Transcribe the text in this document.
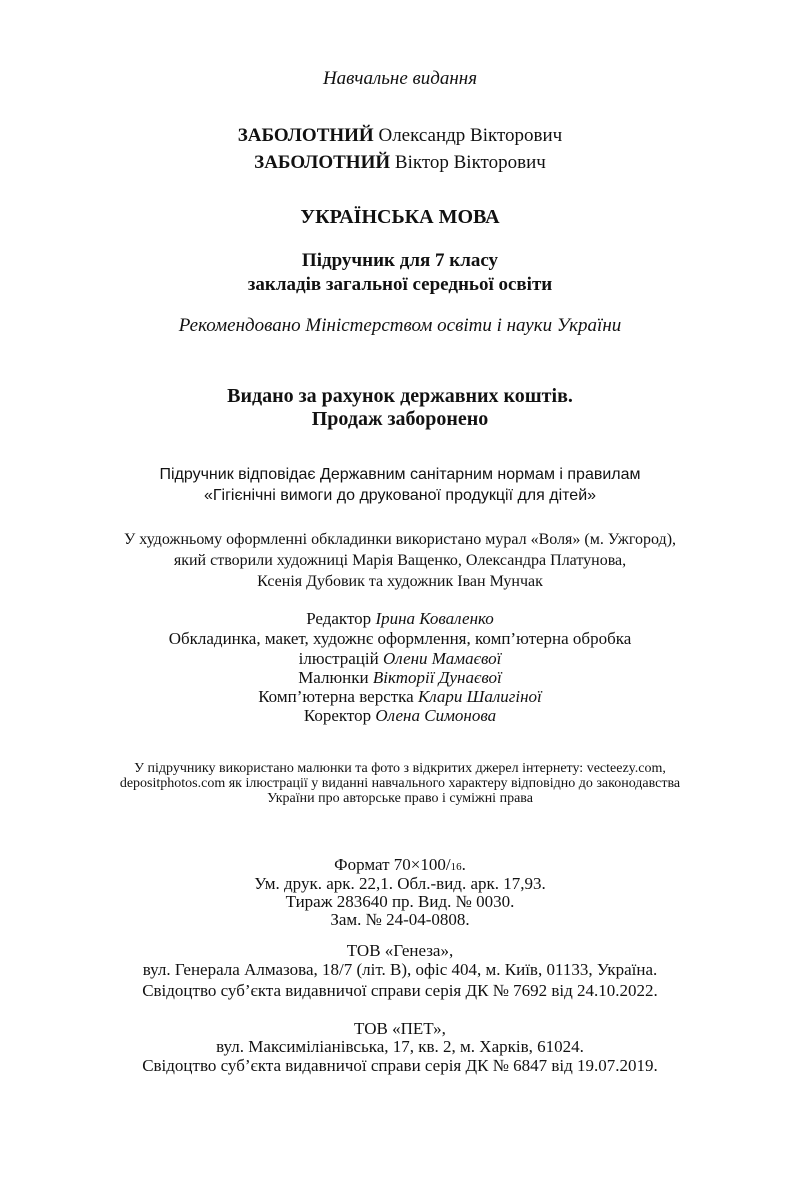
Навчальне видання
ЗАБОЛОТНИЙ Олександр Вікторович
ЗАБОЛОТНИЙ Віктор Вікторович
УКРАЇНСЬКА МОВА
Підручник для 7 класу
закладів загальної середньої освіти
Рекомендовано Міністерством освіти і науки України
Видано за рахунок державних коштів.
Продаж заборонено
Підручник відповідає Державним санітарним нормам і правилам
«Гігієнічні вимоги до друкованої продукції для дітей»
У художньому оформленні обкладинки використано мурал «Воля» (м. Ужгород),
який створили художниці Марія Ващенко, Олександра Платунова,
Ксенія Дубовик та художник Іван Мунчак
Редактор Ірина Коваленко
Обкладинка, макет, художнє оформлення, комп’ютерна обробка
ілюстрацій Олени Мамаєвої
Малюнки Вікторії Дунаєвої
Комп’ютерна верстка Клари Шалигіної
Коректор Олена Симонова
У підручнику використано малюнки та фото з відкритих джерел інтернету: vecteezy.com,
depositphotos.com як ілюстрації у виданні навчального характеру відповідно до законодавства
України про авторське право і суміжні права
Формат 70×100/16.
Ум. друк. арк. 22,1. Обл.-вид. арк. 17,93.
Тираж 283640 пр. Вид. № 0030.
Зам. № 24-04-0808.
ТОВ «Генеза»,
вул. Генерала Алмазова, 18/7 (літ. В), офіс 404, м. Київ, 01133, Україна.
Свідоцтво суб’єкта видавничої справи серія ДК № 7692 від 24.10.2022.
ТОВ «ПЕТ»,
вул. Максиміліанівська, 17, кв. 2, м. Харків, 61024.
Свідоцтво суб’єкта видавничої справи серія ДК № 6847 від 19.07.2019.
